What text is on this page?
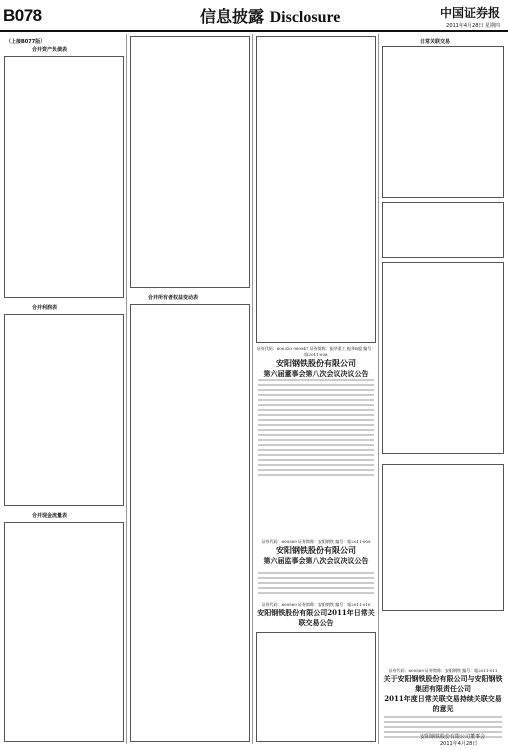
B078	信息披露 Disclosure	中国证券报
2011年4月28日 星期四
（上接B077版）
合并资产负债表
合并利润表
合并现金流量表
合并所有者权益变动表
证券代码：600320 900947 证券简称：振华重工 振华B股 编号：临2011-008
安阳钢铁股份有限公司
第六届董事会第八次会议决议公告
证券代码：600569 证券简称：安阳钢铁 编号：临2011-009
安阳钢铁股份有限公司
第六届监事会第八次会议决议公告
证券代码：600569 证券简称：安阳钢铁 编号：临2011-010
安阳钢铁股份有限公司2011年日常关联交易公告
日常关联交易
证券代码：600569 证券简称：安阳钢铁 编号：临2011-011
关于安阳钢铁股份有限公司与安阳钢铁集团有限责任公司
2011年度日常关联交易持续关联交易的意见
安阳钢铁股份有限公司董事会
2011年4月28日
